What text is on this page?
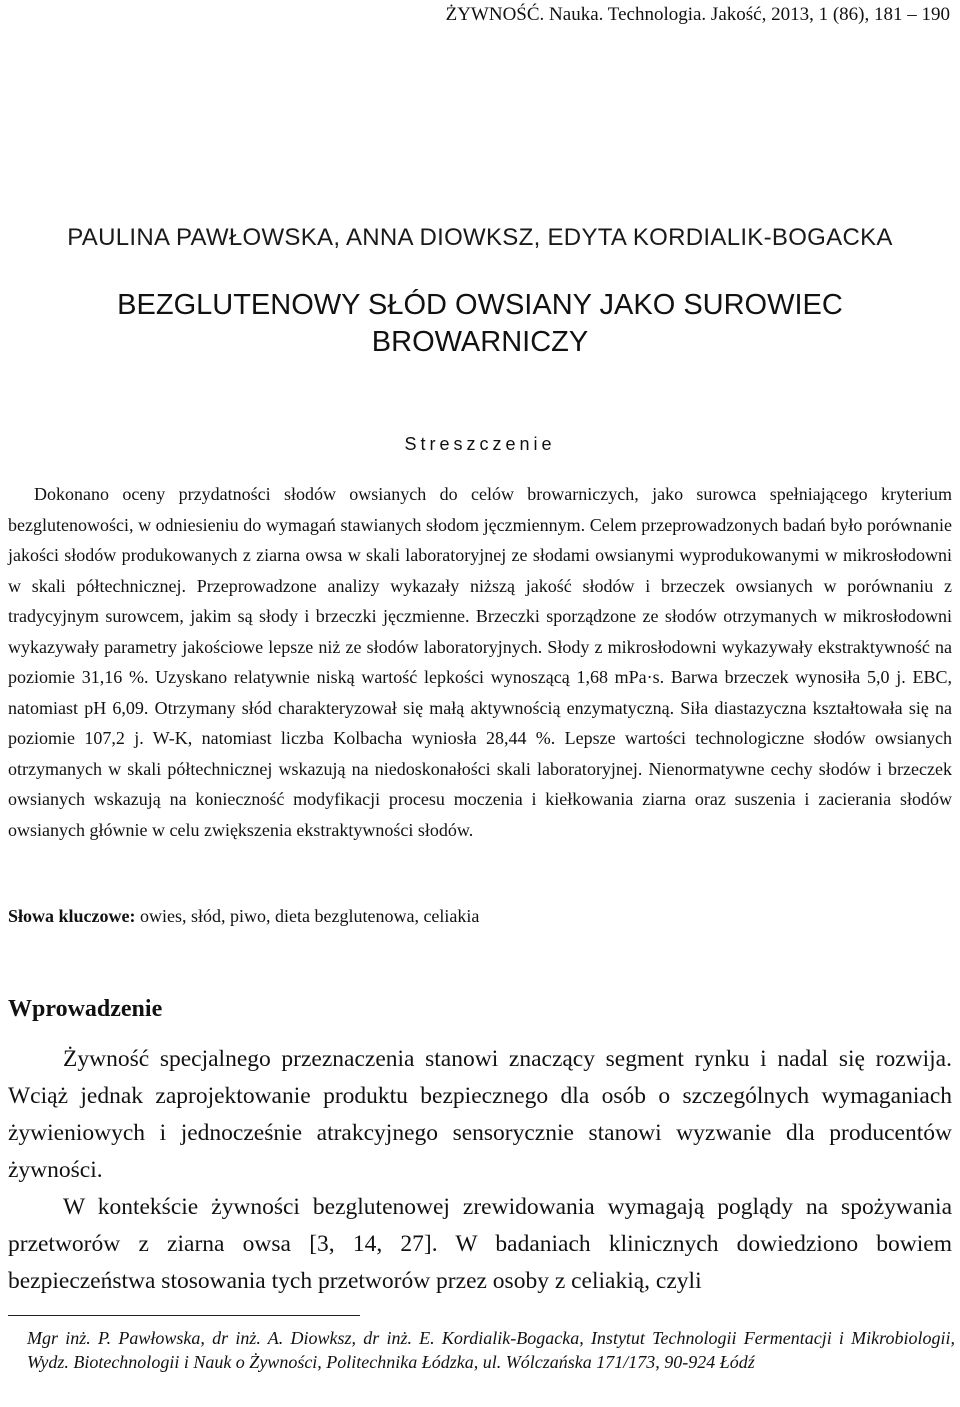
ŻYWNOŚĆ. Nauka. Technologia. Jakość, 2013, 1 (86), 181 – 190
PAULINA PAWŁOWSKA, ANNA DIOWKSZ, EDYTA KORDIALIK-BOGACKA
BEZGLUTENOWY SŁÓD OWSIANY JAKO SUROWIEC
BROWARNICZY
Streszczenie

Dokonano oceny przydatności słodów owsianych do celów browarniczych, jako surowca spełniającego kryterium bezglutenowości, w odniesieniu do wymagań stawianych słodom jęczmiennym. Celem przeprowadzonych badań było porównanie jakości słodów produkowanych z ziarna owsa w skali laboratoryjnej ze słodami owsianymi wyprodukowanymi w mikrosłodowni w skali półtechnicznej. Przeprowadzone analizy wykazały niższą jakość słodów i brzeczek owsianych w porównaniu z tradycyjnym surowcem, jakim są słody i brzeczki jęczmienne. Brzeczki sporządzone ze słodów otrzymanych w mikrosłodowni wykazywały parametry jakościowe lepsze niż ze słodów laboratoryjnych. Słody z mikrosłodowni wykazywały ekstraktywność na poziomie 31,16 %. Uzyskano relatywnie niską wartość lepkości wynoszącą 1,68 mPa·s. Barwa brzeczek wynosiła 5,0 j. EBC, natomiast pH 6,09. Otrzymany słód charakteryzował się małą aktywnością enzymatyczną. Siła diastazyczna kształtowała się na poziomie 107,2 j. W-K, natomiast liczba Kolbacha wyniosła 28,44 %. Lepsze wartości technologiczne słodów owsianych otrzymanych w skali półtechnicznej wskazują na niedoskonałości skali laboratoryjnej. Nienormatywne cechy słodów i brzeczek owsianych wskazują na konieczność modyfikacji procesu moczenia i kiełkowania ziarna oraz suszenia i zacierania słodów owsianych głównie w celu zwiększenia ekstraktywności słodów.

Słowa kluczowe: owies, słód, piwo, dieta bezglutenowa, celiakia
Wprowadzenie

Żywność specjalnego przeznaczenia stanowi znaczący segment rynku i nadal się rozwija. Wciąż jednak zaprojektowanie produktu bezpiecznego dla osób o szczególnych wymaganiach żywieniowych i jednocześnie atrakcyjnego sensorycznie stanowi wyzwanie dla producentów żywności.

W kontekście żywności bezglutenowej zrewidowania wymagają poglądy na spożywania przetworów z ziarna owsa [3, 14, 27]. W badaniach klinicznych dowiedziono bowiem bezpieczeństwa stosowania tych przetworów przez osoby z celiakią, czyli

Mgr inż. P. Pawłowska, dr inż. A. Diowksz, dr inż. E. Kordialik-Bogacka, Instytut Technologii Fermentacji i Mikrobiologii, Wydz. Biotechnologii i Nauk o Żywności, Politechnika Łódzka, ul. Wólczańska 171/173, 90-924 Łódź
